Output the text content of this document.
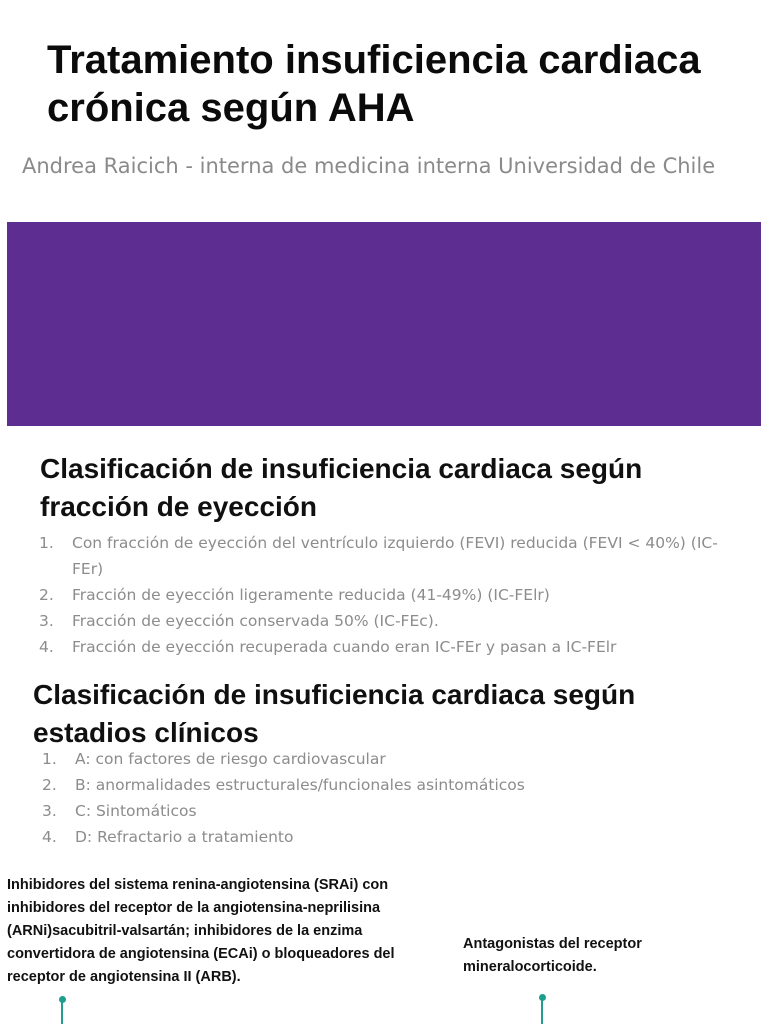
Tratamiento insuficiencia cardiaca crónica según AHA

Andrea Raicich - interna de medicina interna Universidad de Chile

Clasificación de insuficiencia cardiaca según fracción de eyección
1. Con fracción de eyección del ventrículo izquierdo (FEVI) reducida (FEVI < 40%) (IC-FEr)
2. Fracción de eyección ligeramente reducida (41-49%) (IC-FElr)
3. Fracción de eyección conservada 50% (IC-FEc).
4. Fracción de eyección recuperada cuando eran IC-FEr y pasan a IC-FElr
Clasificación de insuficiencia cardiaca según estadios clínicos
1. A: con factores de riesgo cardiovascular
2. B: anormalidades estructurales/funcionales asintomáticos
3. C: Sintomáticos
4. D: Refractario a tratamiento

Inhibidores del sistema renina-angiotensina (SRAi) con inhibidores del receptor de la angiotensina-neprilisina (ARNi)sacubitril-valsartán; inhibidores de la enzima convertidora de angiotensina (ECAi) o bloqueadores del receptor de angiotensina II (ARB).

Antagonistas del receptor mineralocorticoide.
